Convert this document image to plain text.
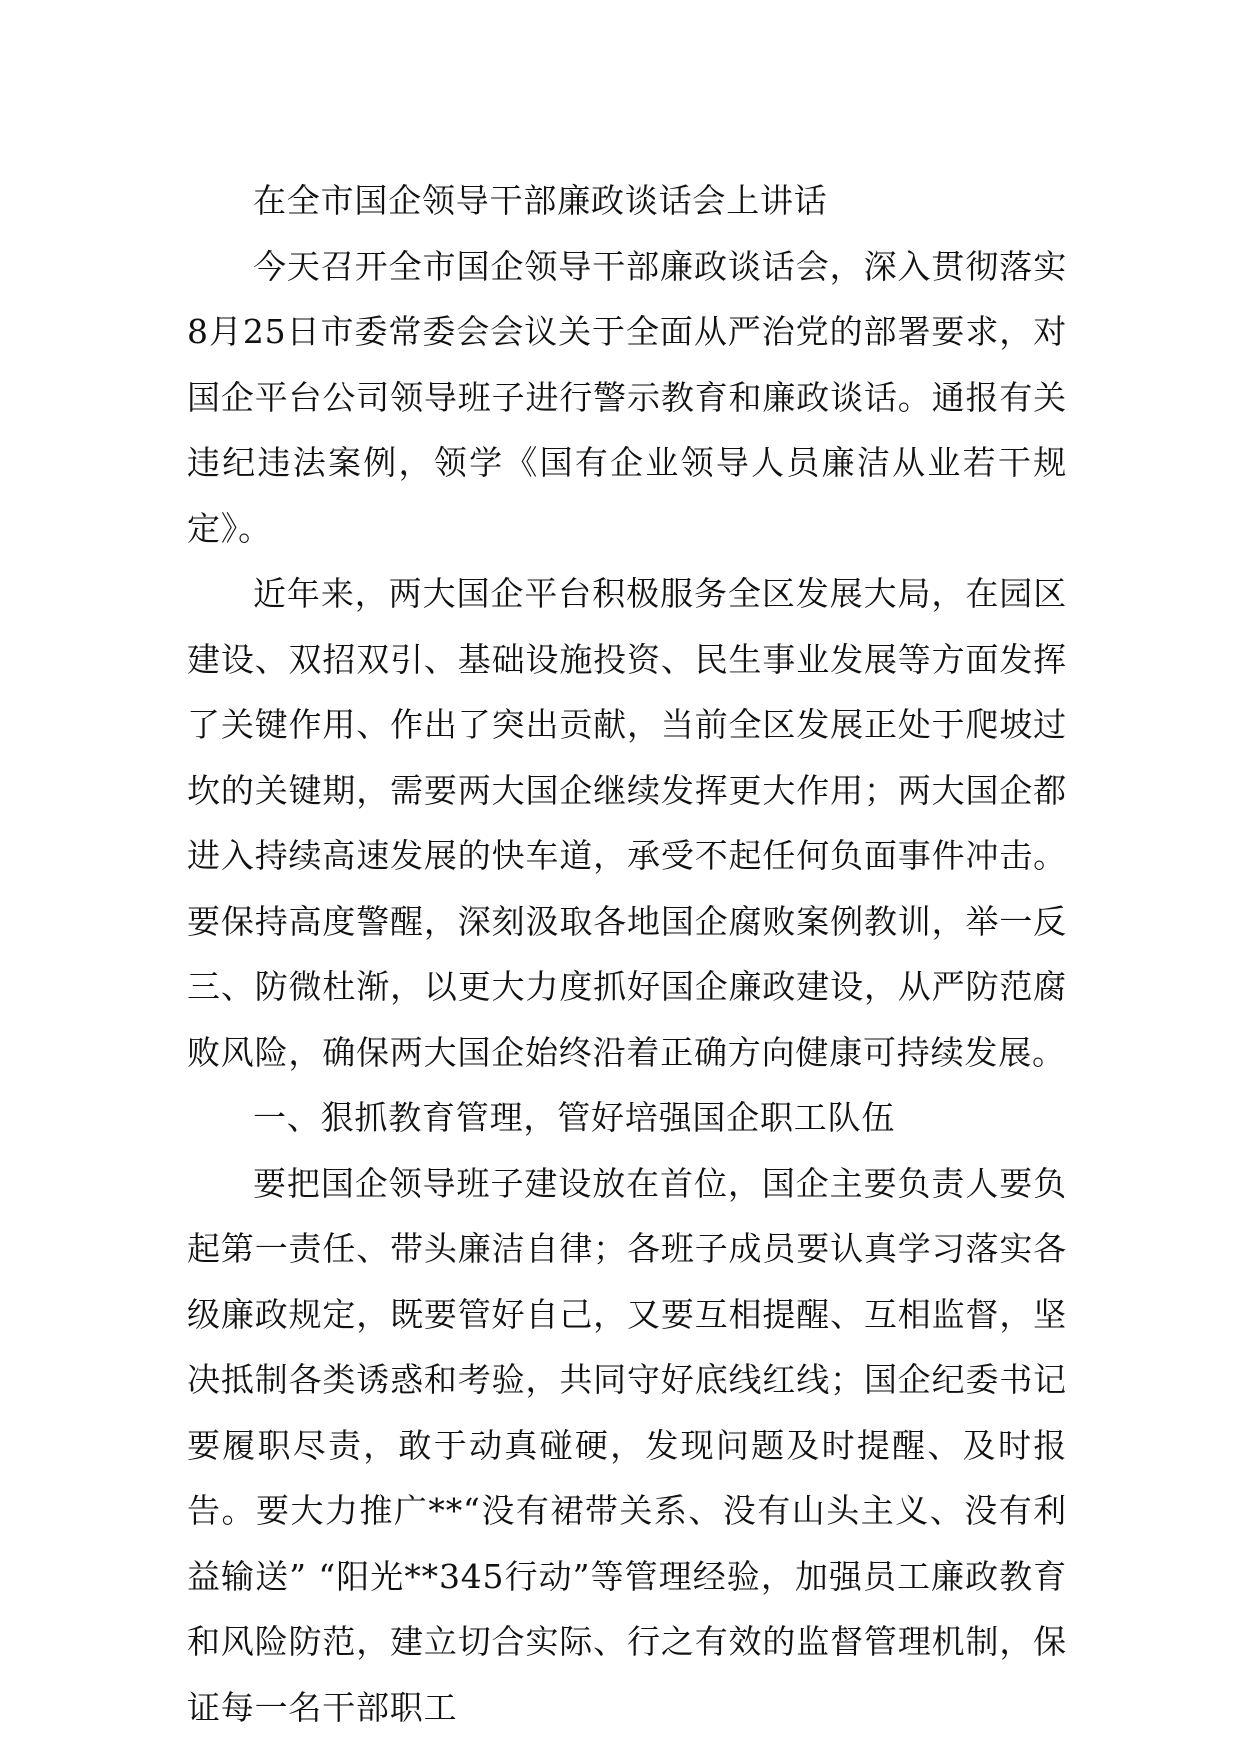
在全市国企领导干部廉政谈话会上讲话

今天召开全市国企领导干部廉政谈话会，深入贯彻落实8月25日市委常委会会议关于全面从严治党的部署要求，对国企平台公司领导班子进行警示教育和廉政谈话。通报有关违纪违法案例，领学《国有企业领导人员廉洁从业若干规定》。

近年来，两大国企平台积极服务全区发展大局，在园区建设、双招双引、基础设施投资、民生事业发展等方面发挥了关键作用、作出了突出贡献，当前全区发展正处于爬坡过坎的关键期，需要两大国企继续发挥更大作用；两大国企都进入持续高速发展的快车道，承受不起任何负面事件冲击。要保持高度警醒，深刻汲取各地国企腐败案例教训，举一反三、防微杜渐，以更大力度抓好国企廉政建设，从严防范腐败风险，确保两大国企始终沿着正确方向健康可持续发展。

一、狠抓教育管理，管好培强国企职工队伍

要把国企领导班子建设放在首位，国企主要负责人要负起第一责任、带头廉洁自律；各班子成员要认真学习落实各级廉政规定，既要管好自己，又要互相提醒、互相监督，坚决抵制各类诱惑和考验，共同守好底线红线；国企纪委书记要履职尽责，敢于动真碰硬，发现问题及时提醒、及时报告。要大力推广**“没有裙带关系、没有山头主义、没有利益输送” “阳光**345行动”等管理经验，加强员工廉政教育和风险防范，建立切合实际、行之有效的监督管理机制，保证每一名干部职工
